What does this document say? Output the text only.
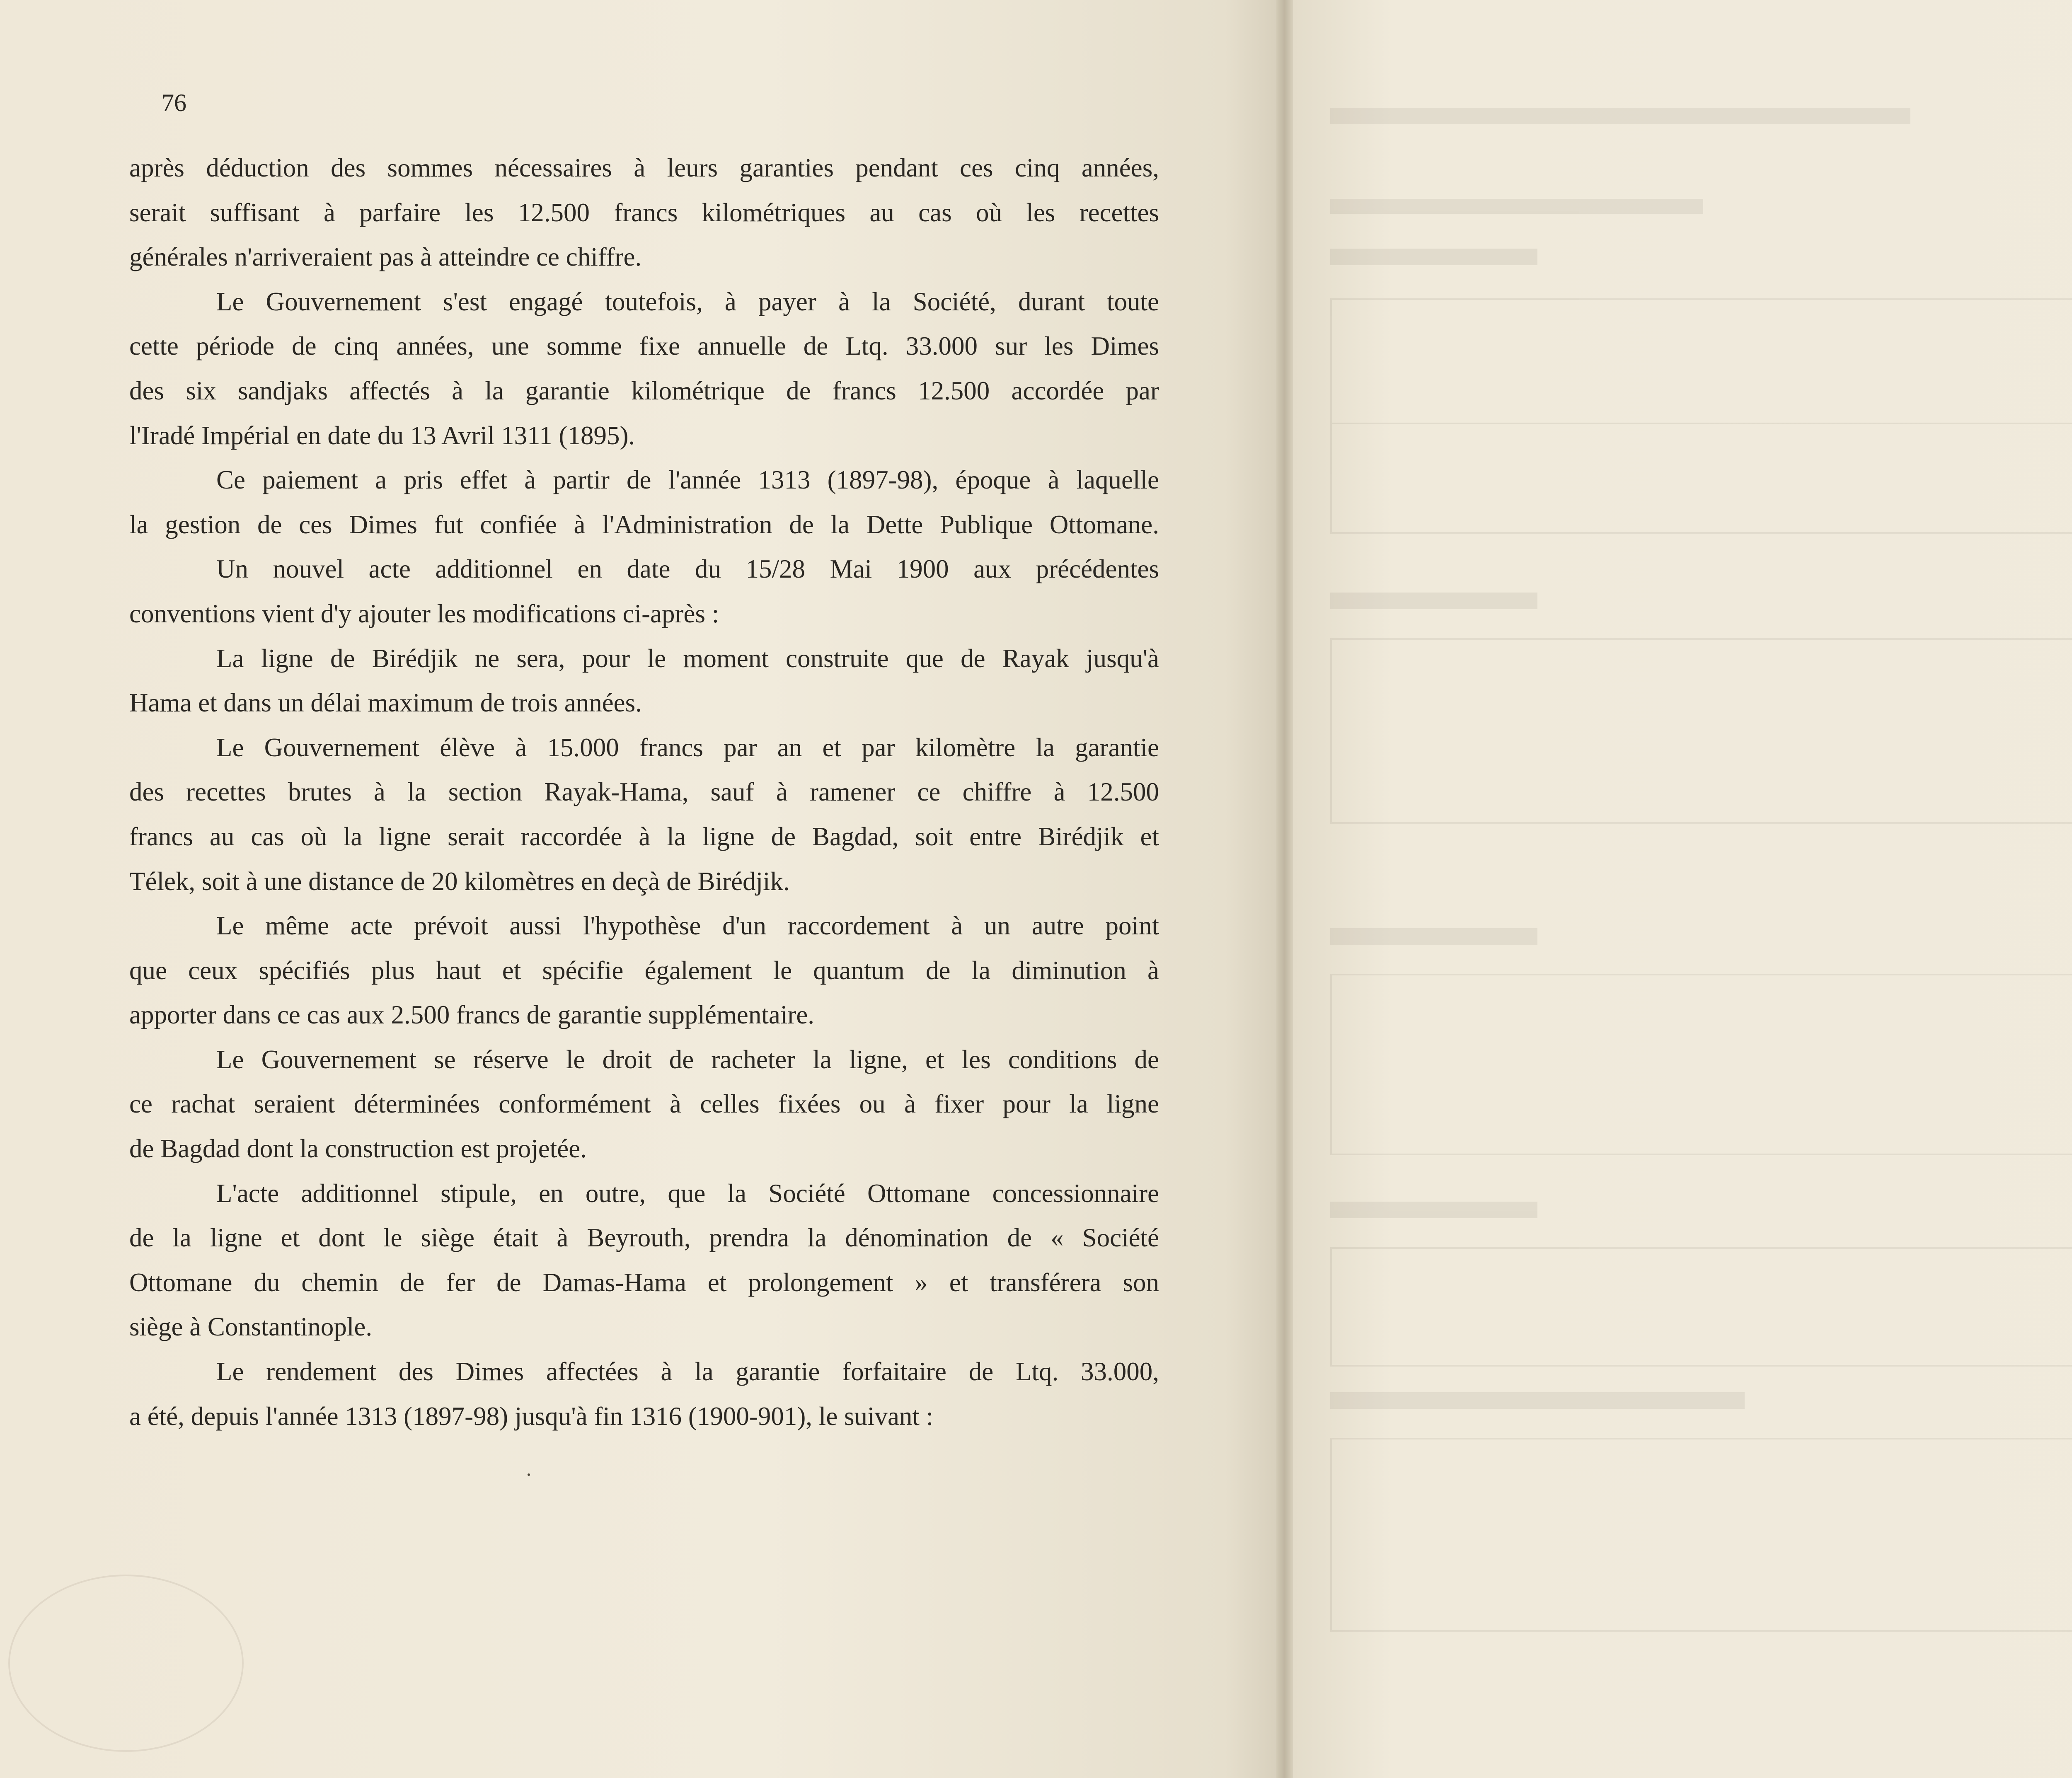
76
après déduction des sommes nécessaires à leurs garanties pendant ces cinq années,
serait suffisant à parfaire les 12.500 francs kilométriques au cas où les recettes
générales n'arriveraient pas à atteindre ce chiffre.
Le Gouvernement s'est engagé toutefois, à payer à la Société, durant toute
cette période de cinq années, une somme fixe annuelle de Ltq. 33.000 sur les Dimes
des six sandjaks affectés à la garantie kilométrique de francs 12.500 accordée par
l'Iradé Impérial en date du 13 Avril 1311 (1895).
Ce paiement a pris effet à partir de l'année 1313 (1897-98), époque à laquelle
la gestion de ces Dimes fut confiée à l'Administration de la Dette Publique Ottomane.
Un nouvel acte additionnel en date du 15/28 Mai 1900 aux précédentes
conventions vient d'y ajouter les modifications ci-après :
La ligne de Birédjik ne sera, pour le moment construite que de Rayak jusqu'à
Hama et dans un délai maximum de trois années.
Le Gouvernement élève à 15.000 francs par an et par kilomètre la garantie
des recettes brutes à la section Rayak-Hama, sauf à ramener ce chiffre à 12.500
francs au cas où la ligne serait raccordée à la ligne de Bagdad, soit entre Birédjik et
Télek, soit à une distance de 20 kilomètres en deçà de Birédjik.
Le même acte prévoit aussi l'hypothèse d'un raccordement à un autre point
que ceux spécifiés plus haut et spécifie également le quantum de la diminution à
apporter dans ce cas aux 2.500 francs de garantie supplémentaire.
Le Gouvernement se réserve le droit de racheter la ligne, et les conditions de
ce rachat seraient déterminées conformément à celles fixées ou à fixer pour la ligne
de Bagdad dont la construction est projetée.
L'acte additionnel stipule, en outre, que la Société Ottomane concessionnaire
de la ligne et dont le siège était à Beyrouth, prendra la dénomination de « Société
Ottomane du chemin de fer de Damas-Hama et prolongement » et transférera son
siège à Constantinople.
Le rendement des Dimes affectées à la garantie forfaitaire de Ltq. 33.000,
a été, depuis l'année 1313 (1897-98) jusqu'à fin 1316 (1900-901), le suivant :
